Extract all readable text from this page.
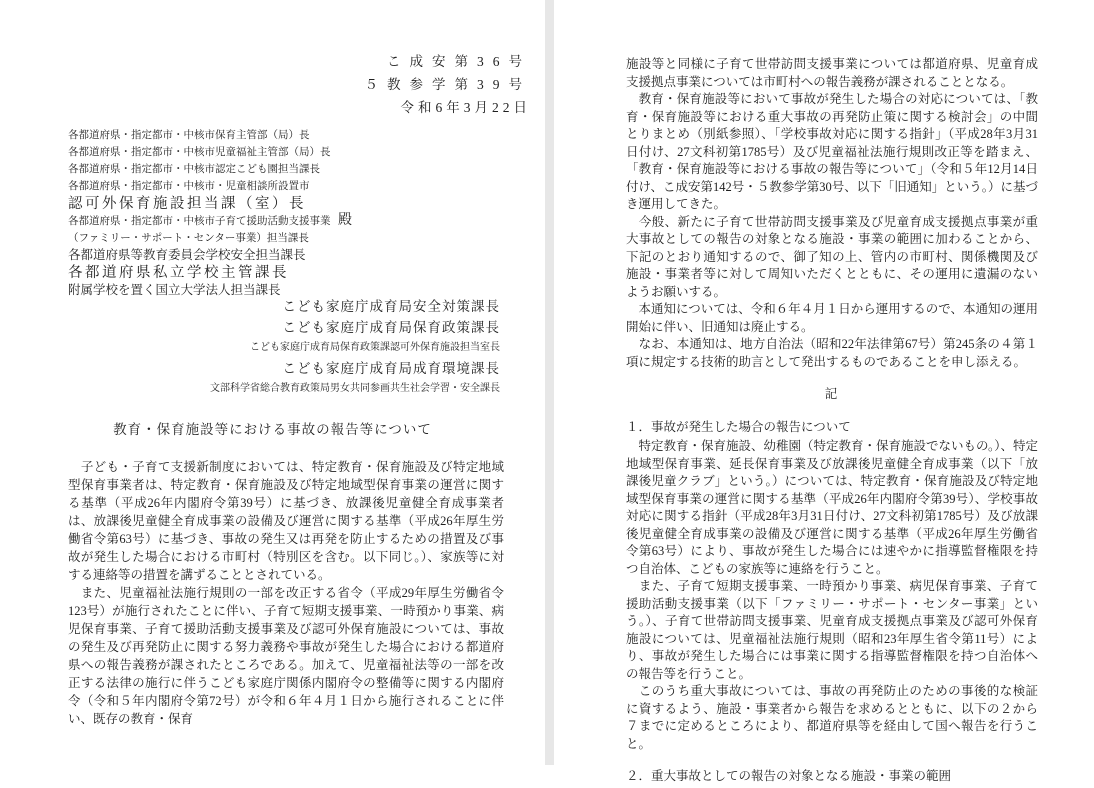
こ成安第36号
５教参学第39号
令和6年3月22日
各都道府県・指定都市・中核市保育主管部（局）長
各都道府県・指定都市・中核市児童福祉主管部（局）長
各都道府県・指定都市・中核市認定こども園担当課長
各都道府県・指定都市・中核市・児童相談所設置市
認可外保育施設担当課（室）長
各都道府県・指定都市・中核市子育て援助活動支援事業
（ファミリー・サポート・センター事業）担当課長
各都道府県等教育委員会学校安全担当課長
各都道府県私立学校主管課長
附属学校を置く国立大学法人担当課長
殿
こども家庭庁成育局安全対策課長
こども家庭庁成育局保育政策課長
こども家庭庁成育局保育政策課認可外保育施設担当室長
こども家庭庁成育局成育環境課長
文部科学省総合教育政策局男女共同参画共生社会学習・安全課長
教育・保育施設等における事故の報告等について

　子ども・子育て支援新制度においては、特定教育・保育施設及び特定地域型保育事業者は、特定教育・保育施設及び特定地域型保育事業の運営に関する基準（平成26年内閣府令第39号）に基づき、放課後児童健全育成事業者は、放課後児童健全育成事業の設備及び運営に関する基準（平成26年厚生労働省令第63号）に基づき、事故の発生又は再発を防止するための措置及び事故が発生した場合における市町村（特別区を含む。以下同じ。）、家族等に対する連絡等の措置を講ずることとされている。

　また、児童福祉法施行規則の一部を改正する省令（平成29年厚生労働省令123号）が施行されたことに伴い、子育て短期支援事業、一時預かり事業、病児保育事業、子育て援助活動支援事業及び認可外保育施設については、事故の発生及び再発防止に関する努力義務や事故が発生した場合における都道府県への報告義務が課されたところである。加えて、児童福祉法等の一部を改正する法律の施行に伴うこども家庭庁関係内閣府令の整備等に関する内閣府令（令和５年内閣府令第72号）が令和６年４月１日から施行されることに伴い、既存の教育・保育

施設等と同様に子育て世帯訪問支援事業については都道府県、児童育成支援拠点事業については市町村への報告義務が課されることとなる。

　教育・保育施設等において事故が発生した場合の対応については、「教育・保育施設等における重大事故の再発防止策に関する検討会」の中間とりまとめ（別紙参照）、「学校事故対応に関する指針」（平成28年3月31日付け、27文科初第1785号）及び児童福祉法施行規則改正等を踏まえ、「教育・保育施設等における事故の報告等について」（令和５年12月14日付け、こ成安第142号・５教参学第30号、以下「旧通知」という。）に基づき運用してきた。

　今般、新たに子育て世帯訪問支援事業及び児童育成支援拠点事業が重大事故としての報告の対象となる施設・事業の範囲に加わることから、下記のとおり通知するので、御了知の上、管内の市町村、関係機関及び施設・事業者等に対して周知いただくとともに、その運用に遺漏のないようお願いする。

　本通知については、令和６年４月１日から運用するので、本通知の運用開始に伴い、旧通知は廃止する。

　なお、本通知は、地方自治法（昭和22年法律第67号）第245条の４第１項に規定する技術的助言として発出するものであることを申し添える。

記
１．事故が発生した場合の報告について

　特定教育・保育施設、幼稚園（特定教育・保育施設でないもの。）、特定地域型保育事業、延長保育事業及び放課後児童健全育成事業（以下「放課後児童クラブ」という。）については、特定教育・保育施設及び特定地域型保育事業の運営に関する基準（平成26年内閣府令第39号）、学校事故対応に関する指針（平成28年3月31日付け、27文科初第1785号）及び放課後児童健全育成事業の設備及び運営に関する基準（平成26年厚生労働省令第63号）により、事故が発生した場合には速やかに指導監督権限を持つ自治体、こどもの家族等に連絡を行うこと。

　また、子育て短期支援事業、一時預かり事業、病児保育事業、子育て援助活動支援事業（以下「ファミリー・サポート・センター事業」という。）、子育て世帯訪問支援事業、児童育成支援拠点事業及び認可外保育施設については、児童福祉法施行規則（昭和23年厚生省令第11号）により、事故が発生した場合には事業に関する指導監督権限を持つ自治体への報告等を行うこと。

　このうち重大事故については、事故の再発防止のための事後的な検証に資するよう、施設・事業者から報告を求めるとともに、以下の２から７までに定めるところにより、都道府県等を経由して国へ報告を行うこと。

２．重大事故としての報告の対象となる施設・事業の範囲
